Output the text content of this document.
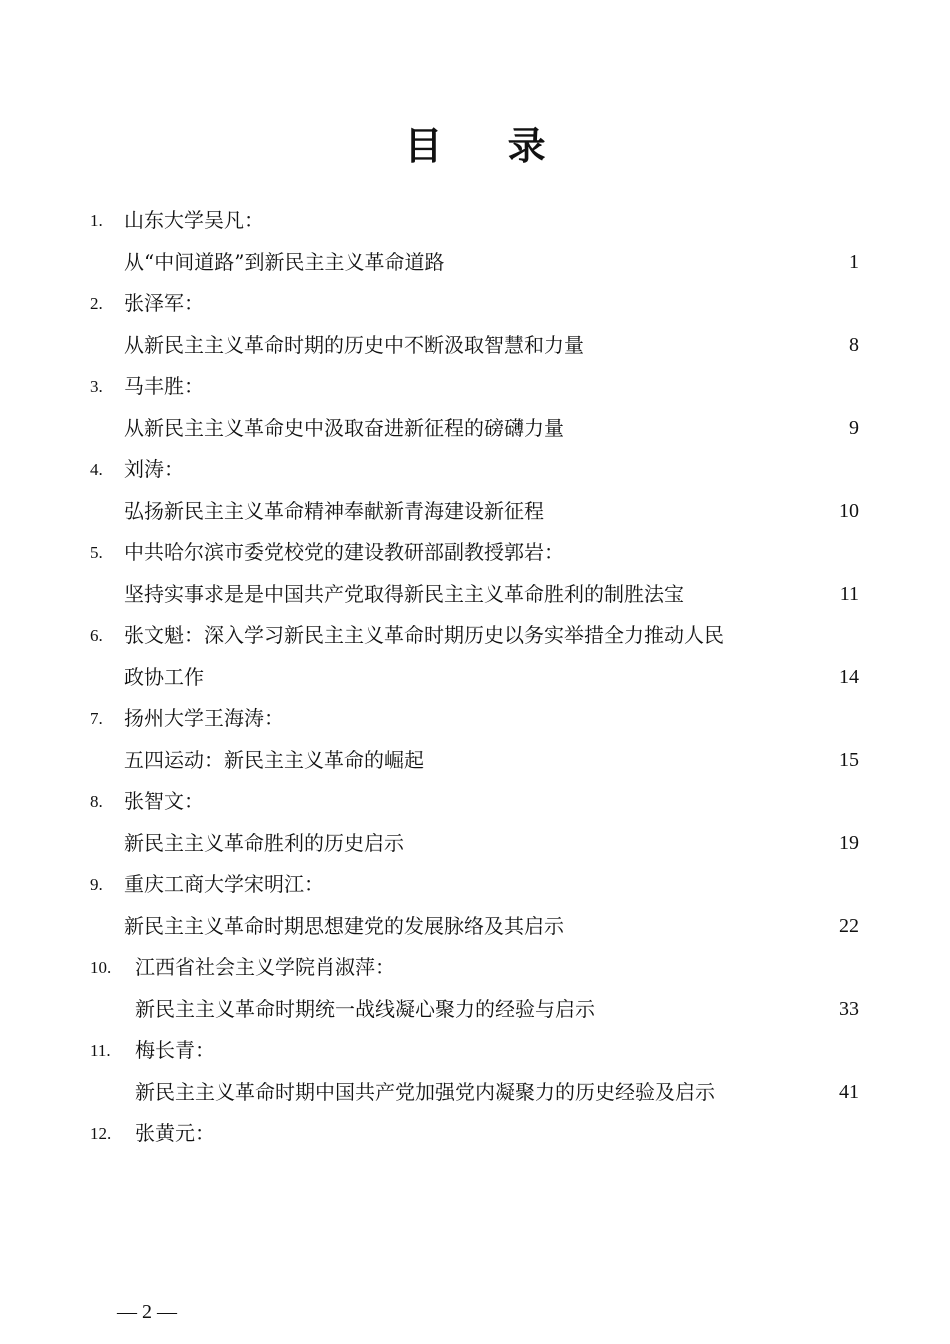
目 录
1. 山东大学吴凡：
从“中间道路”到新民主主义革命道路	1
2. 张泽军：
从新民主主义革命时期的历史中不断汲取智慧和力量	8
3. 马丰胜：
从新民主主义革命史中汲取奋进新征程的磅礴力量	9
4. 刘涛：
弘扬新民主主义革命精神奉献新青海建设新征程	10
5. 中共哈尔滨市委党校党的建设教研部副教授郭岩：
坚持实事求是是中国共产党取得新民主主义革命胜利的制胜法宝	11
6. 张文魁：深入学习新民主主义革命时期历史以务实举措全力推动人民
政协工作	14
7. 扬州大学王海涛：
五四运动：新民主主义革命的崛起	15
8. 张智文：
新民主主义革命胜利的历史启示	19
9. 重庆工商大学宋明江：
新民主主义革命时期思想建党的发展脉络及其启示	22
10. 江西省社会主义学院肖淑萍：
新民主主义革命时期统一战线凝心聚力的经验与启示	33
11. 梅长青：
新民主主义革命时期中国共产党加强党内凝聚力的历史经验及启示	41
12. 张黄元：
— 2 —
